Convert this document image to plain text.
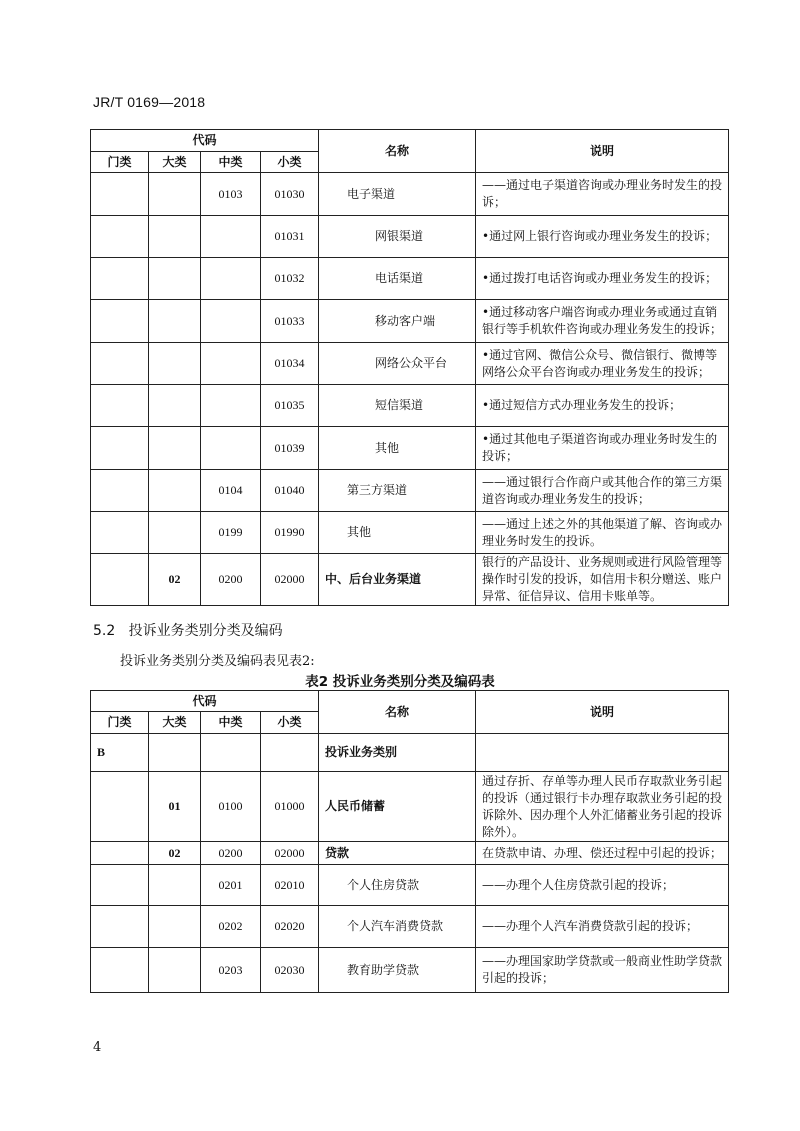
JR/T 0169—2018
代码				名称	说明
门类	大类	中类	小类		
		0103	01030	电子渠道	——通过电子渠道咨询或办理业务时发生的投诉；
			01031	网银渠道	•通过网上银行咨询或办理业务发生的投诉；
			01032	电话渠道	•通过拨打电话咨询或办理业务发生的投诉；
			01033	移动客户端	•通过移动客户端咨询或办理业务或通过直销银行等手机软件咨询或办理业务发生的投诉；
			01034	网络公众平台	•通过官网、微信公众号、微信银行、微博等网络公众平台咨询或办理业务发生的投诉；
			01035	短信渠道	•通过短信方式办理业务发生的投诉；
			01039	其他	•通过其他电子渠道咨询或办理业务时发生的投诉；
		0104	01040	第三方渠道	——通过银行合作商户或其他合作的第三方渠道咨询或办理业务发生的投诉；
		0199	01990	其他	——通过上述之外的其他渠道了解、咨询或办理业务时发生的投诉。
	02	0200	02000	中、后台业务渠道	银行的产品设计、业务规则或进行风险管理等操作时引发的投诉，如信用卡积分赠送、账户异常、征信异议、信用卡账单等。
5.2 投诉业务类别分类及编码
投诉业务类别分类及编码表见表2:
表2 投诉业务类别分类及编码表
代码				名称	说明
门类	大类	中类	小类		
B				投诉业务类别	
	01	0100	01000	人民币储蓄	通过存折、存单等办理人民币存取款业务引起的投诉（通过银行卡办理存取款业务引起的投诉除外、因办理个人外汇储蓄业务引起的投诉除外）。
	02	0200	02000	贷款	在贷款申请、办理、偿还过程中引起的投诉；
		0201	02010	个人住房贷款	——办理个人住房贷款引起的投诉；
		0202	02020	个人汽车消费贷款	——办理个人汽车消费贷款引起的投诉；
		0203	02030	教育助学贷款	——办理国家助学贷款或一般商业性助学贷款引起的投诉；
4
